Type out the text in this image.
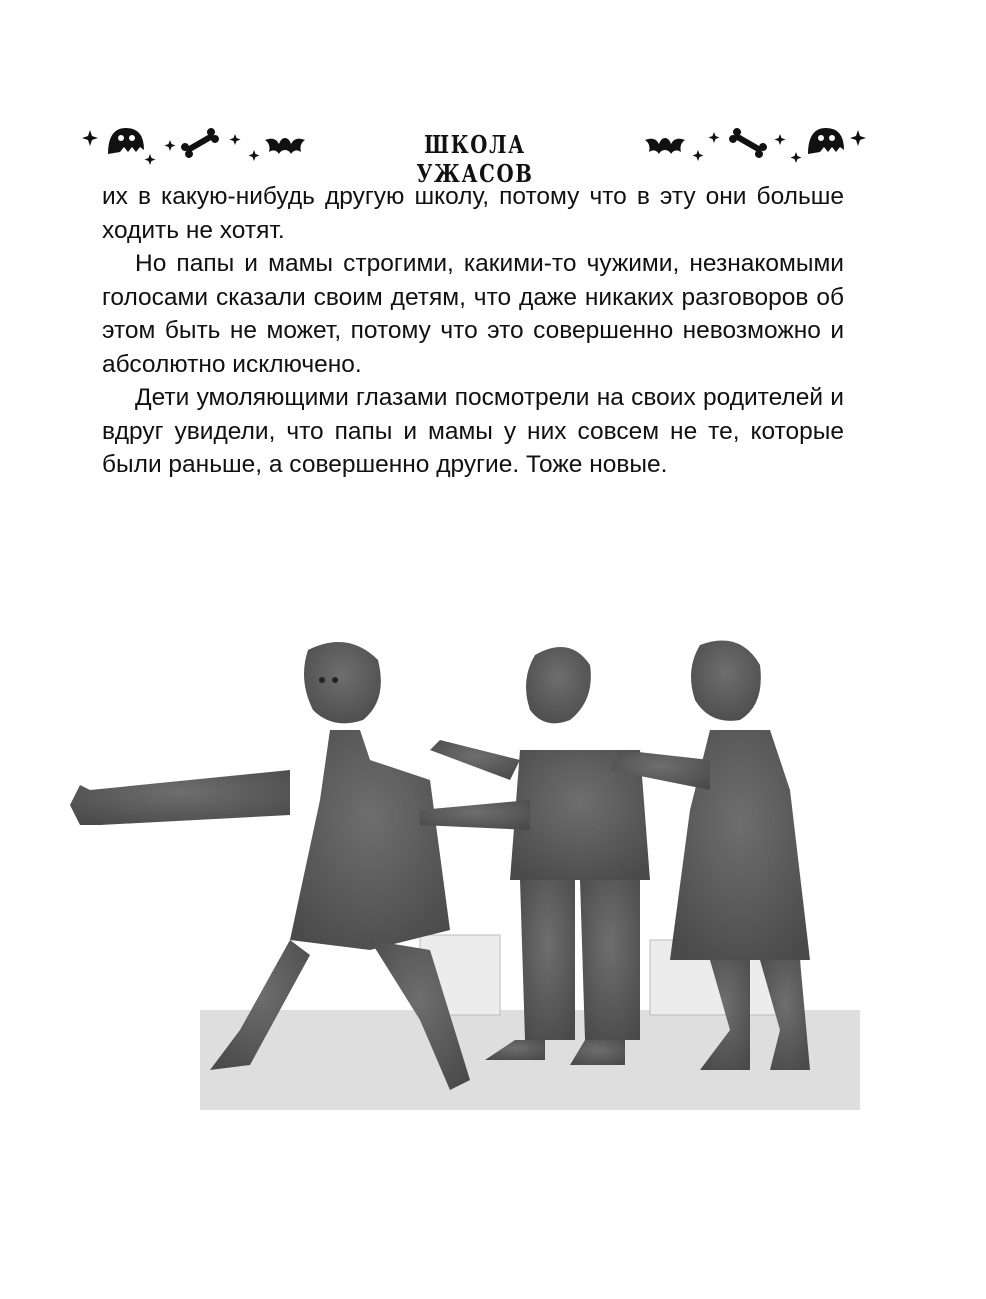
ШКОЛА УЖАСОВ

их в какую-нибудь другую школу, потому что в эту они больше ходить не хотят.

Но папы и мамы строгими, какими-то чужими, незнакомыми голосами сказали своим детям, что даже никаких разговоров об этом быть не может, потому что это совершенно невозможно и абсолютно исключено.

Дети умоляющими глазами посмотрели на своих родителей и вдруг увидели, что папы и мамы у них совсем не те, которые были раньше, а совершенно другие. Тоже новые.
